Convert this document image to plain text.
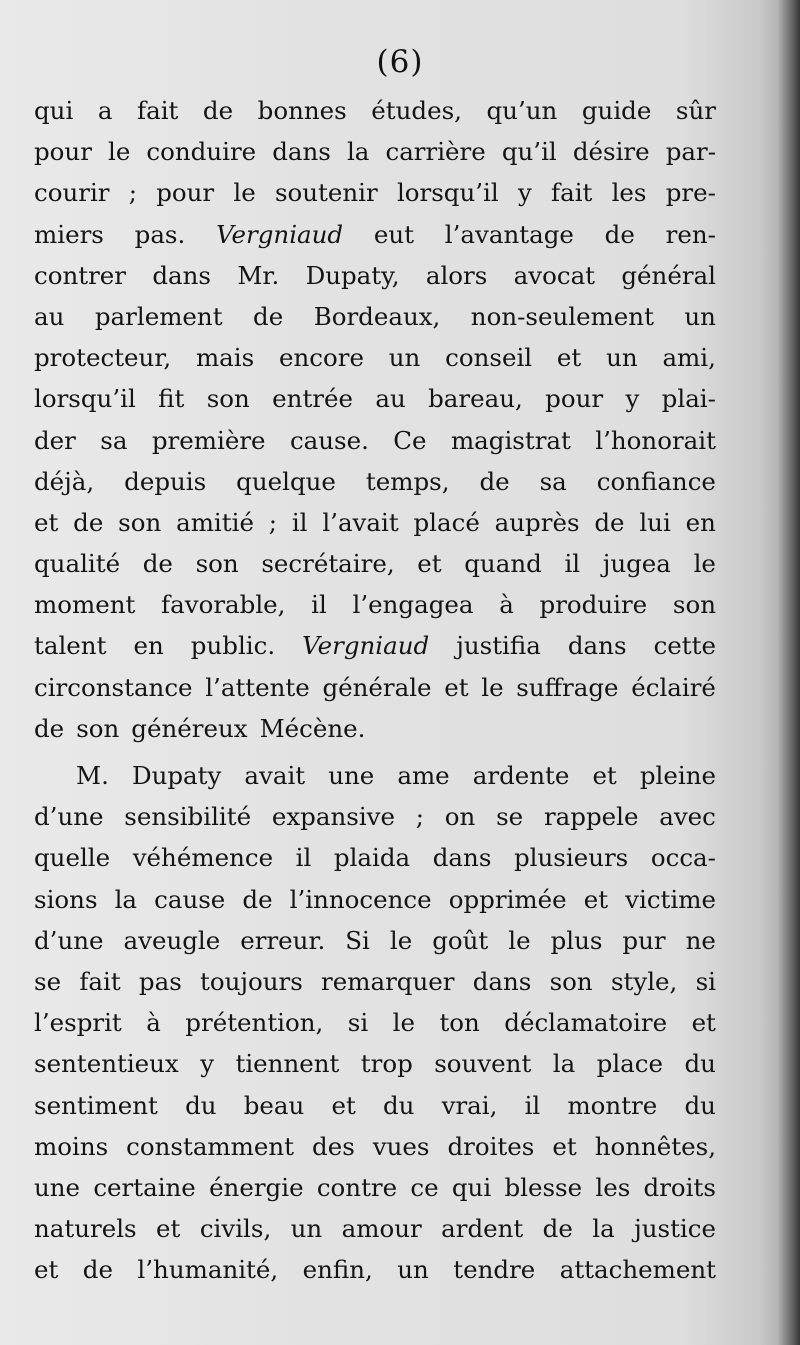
(6)
qui a fait de bonnes études, qu’un guide sûr
pour le conduire dans la carrière qu’il désire par-
courir ; pour le soutenir lorsqu’il y fait les pre-
miers pas. Vergniaud eut l’avantage de ren-
contrer dans Mr. Dupaty, alors avocat général
au parlement de Bordeaux, non-seulement un
protecteur, mais encore un conseil et un ami,
lorsqu’il fit son entrée au bareau, pour y plai-
der sa première cause. Ce magistrat l’honorait
déjà, depuis quelque temps, de sa confiance
et de son amitié ; il l’avait placé auprès de lui en
qualité de son secrétaire, et quand il jugea le
moment favorable, il l’engagea à produire son
talent en public. Vergniaud justifia dans cette
circonstance l’attente générale et le suffrage éclairé
de son généreux Mécène.
M. Dupaty avait une ame ardente et pleine
d’une sensibilité expansive ; on se rappele avec
quelle véhémence il plaida dans plusieurs occa-
sions la cause de l’innocence opprimée et victime
d’une aveugle erreur. Si le goût le plus pur ne
se fait pas toujours remarquer dans son style, si
l’esprit à prétention, si le ton déclamatoire et
sententieux y tiennent trop souvent la place du
sentiment du beau et du vrai, il montre du
moins constamment des vues droites et honnêtes,
une certaine énergie contre ce qui blesse les droits
naturels et civils, un amour ardent de la justice
et de l’humanité, enfin, un tendre attachement
